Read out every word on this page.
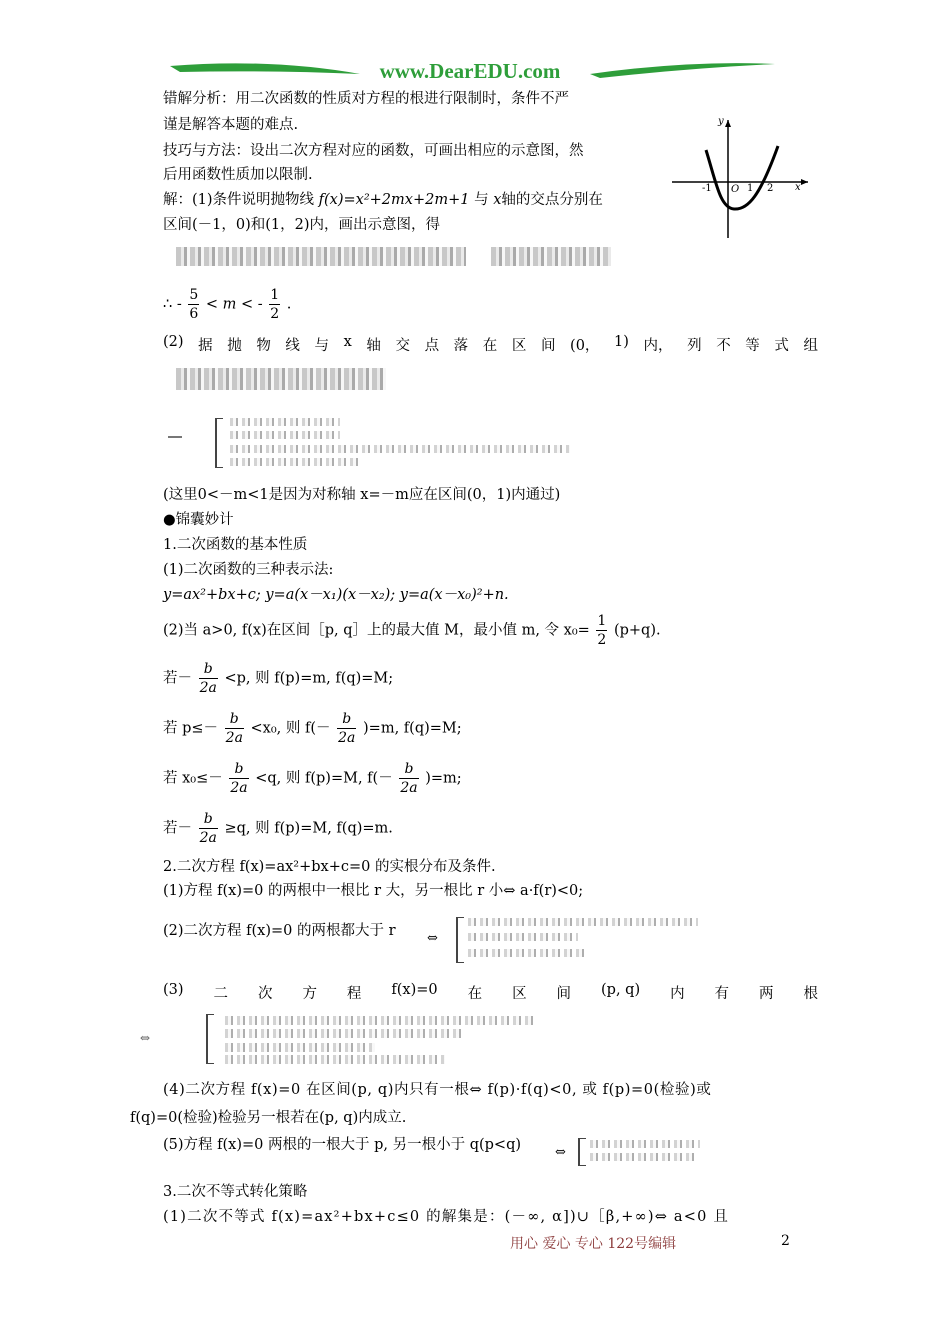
www.DearEDU.com
错解分析：用二次函数的性质对方程的根进行限制时，条件不严
谨是解答本题的难点.
技巧与方法：设出二次方程对应的函数，可画出相应的示意图，然
后用函数性质加以限制.
解：(1)条件说明抛物线 f(x)=x²+2mx+2m+1 与 x轴的交点分别在
区间(－1，0)和(1，2)内，画出示意图，得
y
x
-1 O 1 2
∴ - $\frac{5}{6} < m$ < - $\frac{1}{2}$ .
(2) 据 抛 物 线 与 x 轴 交 点 落 在 区 间 (0， 1) 内， 列 不 等 式 组
(这里0<－m<1是因为对称轴 x=－m应在区间(0，1)内通过)
●锦囊妙计
1.二次函数的基本性质
(1)二次函数的三种表示法:
y=ax²+bx+c; y=a(x－x₁)(x－x₂); y=a(x－x₀)²+n.
(2)当 a>0, f(x)在区间［p, q］上的最大值 M，最小值 m, 令 $x_0= \frac{1}{2} (p+q)$.
若－ $\frac{b}{2a} <p$, 则 f(p)=m, f(q)=M;
若 $p\le- \frac{b}{2a} <x_0$, 则 $f(- \frac{b}{2a} )=m$, f(q)=M;
若 $x_0\le- \frac{b}{2a} <q$, 则 f(p)=M, $f(- \frac{b}{2a} )=m$;
若－ $\frac{b}{2a} \ge q$, 则 f(p)=M, f(q)=m.
2.二次方程 f(x)=ax²+bx+c=0 的实根分布及条件.
(1)方程 f(x)=0 的两根中一根比 r 大，另一根比 r 小⇔ a·f(r)<0;
(2)二次方程 f(x)=0 的两根都大于 r ⇔
(3) 二 次 方 程 f(x)=0 在 区 间 (p, q) 内 有 两 根
⇔
(4)二次方程 f(x)=0 在区间(p, q)内只有一根⇔ f(p)·f(q)<0, 或 f(p)=0(检验)或
f(q)=0(检验)检验另一根若在(p, q)内成立.
(5)方程 f(x)=0 两根的一根大于 p, 另一根小于 q(p<q)	⇔
3.二次不等式转化策略
(1)二次不等式 f(x)=ax²+bx+c≤0 的解集是：(－∞, α])∪［β,+∞)⇔ a<0 且
用心 爱心 专心 122号编辑	2
